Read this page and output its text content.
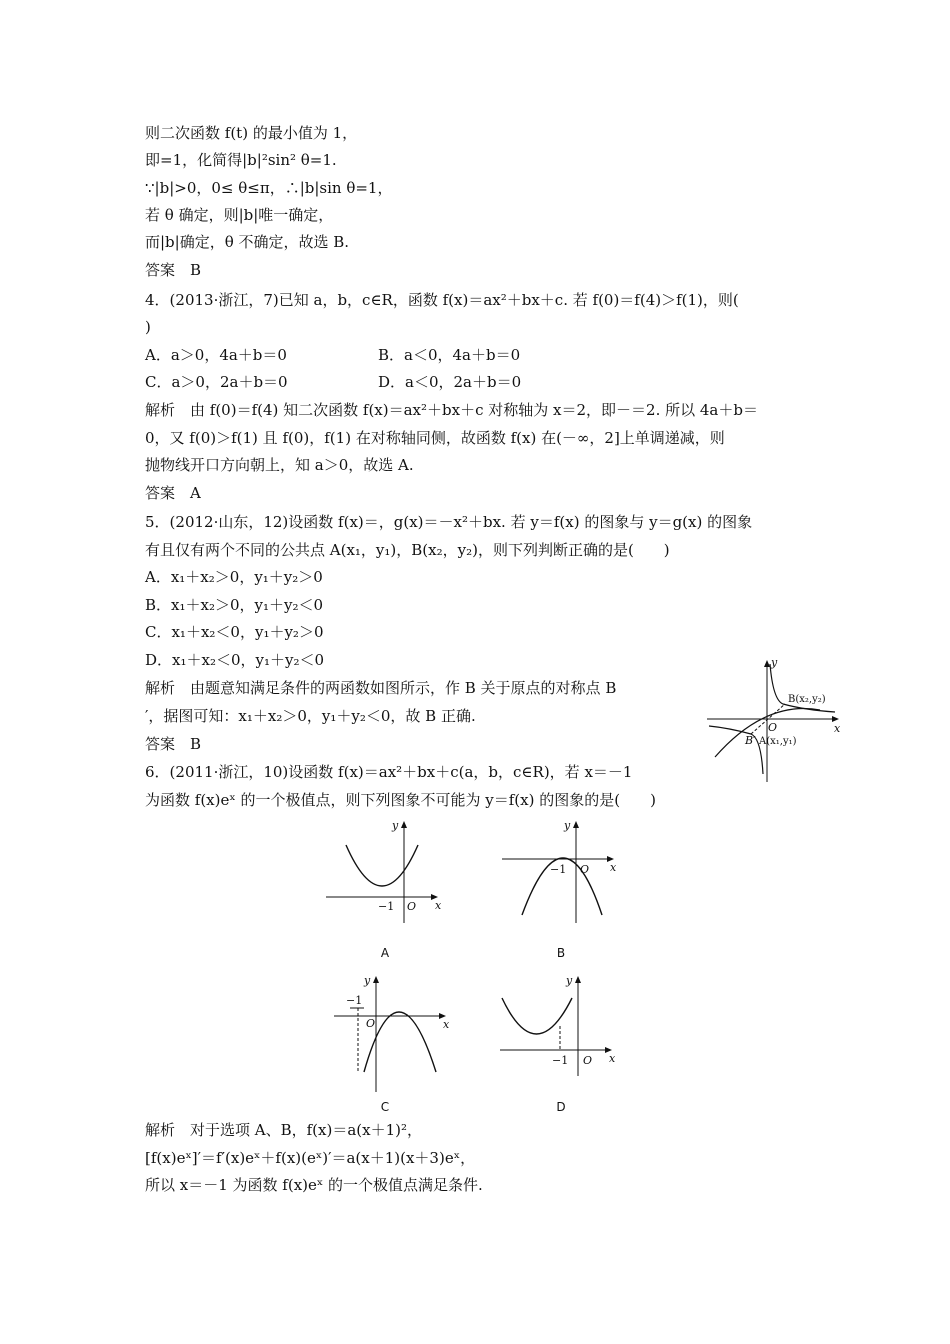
则二次函数 f(t) 的最小值为 1，
即=1，化简得|b|²sin² θ=1.
∵|b|>0，0≤ θ≤π，∴|b|sin θ=1，
若 θ 确定，则|b|唯一确定，
而|b|确定，θ 不确定，故选 B.
答案　B
4．(2013·浙江，7)已知 a，b，c∈R，函数 f(x)＝ax²＋bx＋c. 若 f(0)＝f(4)＞f(1)，则(
)
A．a＞0，4a＋b＝0	B．a＜0，4a＋b＝0
C．a＞0，2a＋b＝0	D．a＜0，2a＋b＝0
解析　由 f(0)＝f(4) 知二次函数 f(x)＝ax²＋bx＋c 对称轴为 x＝2，即－＝2. 所以 4a＋b＝
0，又 f(0)＞f(1) 且 f(0)，f(1) 在对称轴同侧，故函数 f(x) 在(－∞，2]上单调递减，则
抛物线开口方向朝上，知 a＞0，故选 A.
答案　A
5．(2012·山东，12)设函数 f(x)＝，g(x)＝－x²＋bx. 若 y＝f(x) 的图象与 y＝g(x) 的图象
有且仅有两个不同的公共点 A(x₁，y₁)，B(x₂，y₂)，则下列判断正确的是(　　)
A．x₁＋x₂＞0，y₁＋y₂＞0
B．x₁＋x₂＞0，y₁＋y₂＜0
C．x₁＋x₂＜0，y₁＋y₂＞0
D．x₁＋x₂＜0，y₁＋y₂＜0
解析　由题意知满足条件的两函数如图所示，作 B 关于原点的对称点 B
′，据图可知：x₁＋x₂＞0，y₁＋y₂＜0，故 B 正确.
答案　B
6．(2011·浙江，10)设函数 f(x)＝ax²＋bx＋c(a，b，c∈R)，若 x＝－1
为函数 f(x)eˣ 的一个极值点，则下列图象不可能为 y＝f(x) 的图象的是(　　)
B(x₂,y₂)
B′ A(x₁,y₁)
O	x
y
−1 O x
y
A
−1 O x
y
B
−1
O	x
y
C
−1 O x
y
D
解析　对于选项 A、B，f(x)＝a(x＋1)²，
[f(x)eˣ]′＝f′(x)eˣ＋f(x)(eˣ)′＝a(x＋1)(x＋3)eˣ，
所以 x＝－1 为函数 f(x)eˣ 的一个极值点满足条件.
